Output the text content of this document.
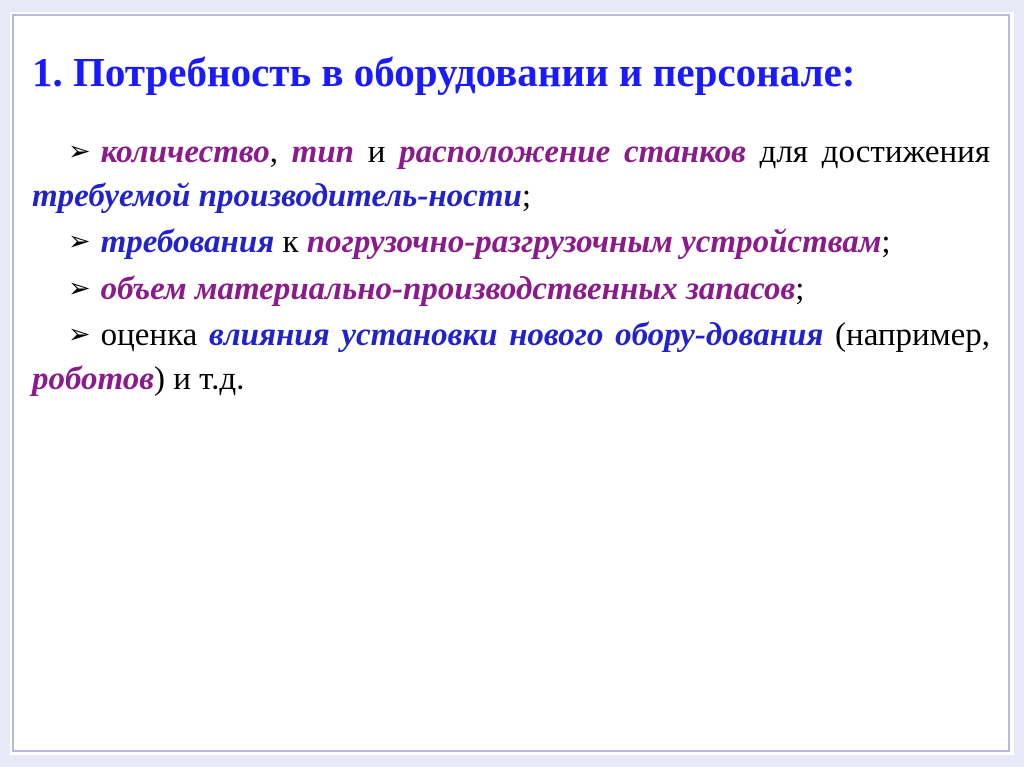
1. Потребность в оборудовании и персонале:

➢ количество, тип и расположение станков для достижения требуемой производитель-ности;

➢ требования к погрузочно-разгрузочным устройствам;

➢ объем материально-производственных запасов;

➢ оценка влияния установки нового обору-дования (например, роботов) и т.д.
